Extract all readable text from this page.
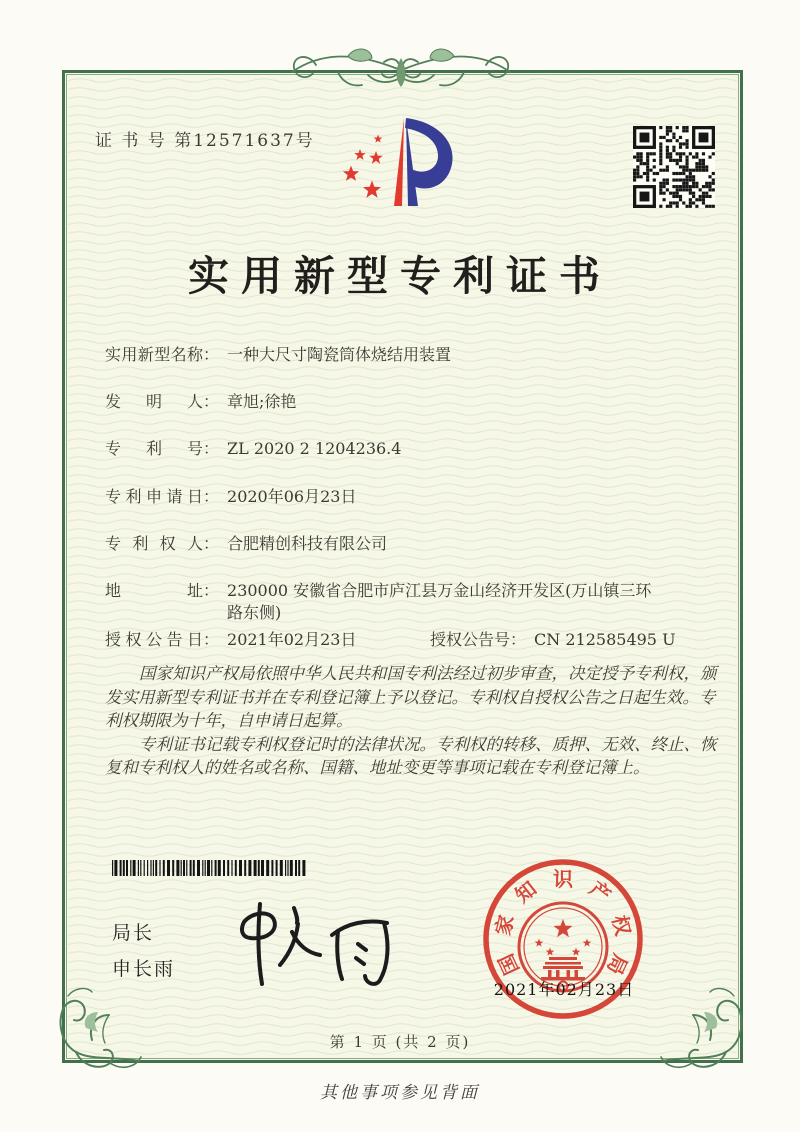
证 书 号 第12571637号
实用新型专利证书
实用新型名称 ： 一种大尺寸陶瓷筒体烧结用装置
发明人 ： 章旭;徐艳
专利号 ： ZL 2020 2 1204236.4
专利申请日 ： 2020年06月23日
专利权人 ： 合肥精创科技有限公司
地址 ： 230000 安徽省合肥市庐江县万金山经济开发区(万山镇三环路东侧)
授权公告日 ： 2021年02月23日	授权公告号 ： CN 212585495 U

国家知识产权局依照中华人民共和国专利法经过初步审查，决定授予专利权，颁发实用新型专利证书并在专利登记簿上予以登记。专利权自授权公告之日起生效。专利权期限为十年，自申请日起算。

专利证书记载专利权登记时的法律状况。专利权的转移、质押、无效、终止、恢复和专利权人的姓名或名称、国籍、地址变更等事项记载在专利登记簿上。

局长
申长雨	国
家
知 识 产
权
局
2021年02月23日
第 1 页 (共 2 页)
其他事项参见背面
